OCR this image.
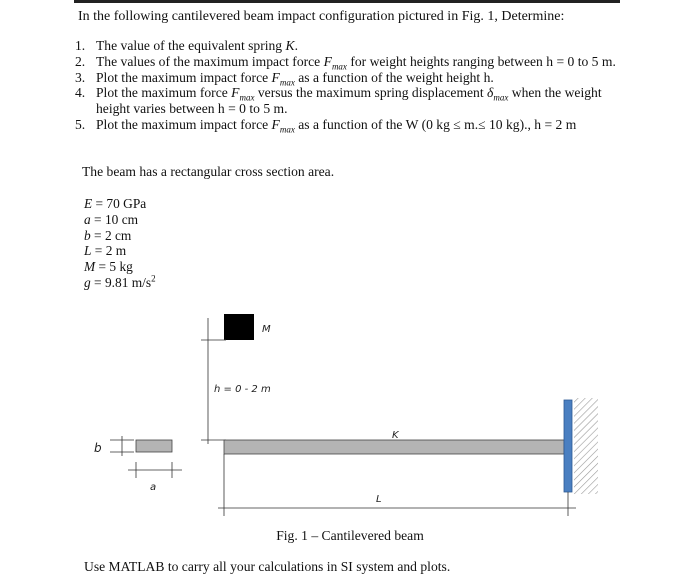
In the following cantilevered beam impact configuration pictured in Fig. 1, Determine:
1. The value of the equivalent spring K.
2. The values of the maximum impact force $F_{max}$ for weight heights ranging between h = 0 to 5 m.
3. Plot the maximum impact force $F_{max}$ as a function of the weight height h.
4. Plot the maximum force $F_{max}$ versus the maximum spring displacement $\delta_{max}$ when the weight height varies between h = 0 to 5 m.
5. Plot the maximum impact force $F_{max}$ as a function of the W (0 kg ≤ m.≤ 10 kg)., h = 2 m
The beam has a rectangular cross section area.
E = 70 GPa
a = 10 cm
b = 2 cm
L = 2 m
M = 5 kg
g = 9.81 $m/s^2$
M
h = 0 - 2 m
K
L
b
a
Fig. 1 – Cantilevered beam
Use MATLAB to carry all your calculations in SI system and plots.
